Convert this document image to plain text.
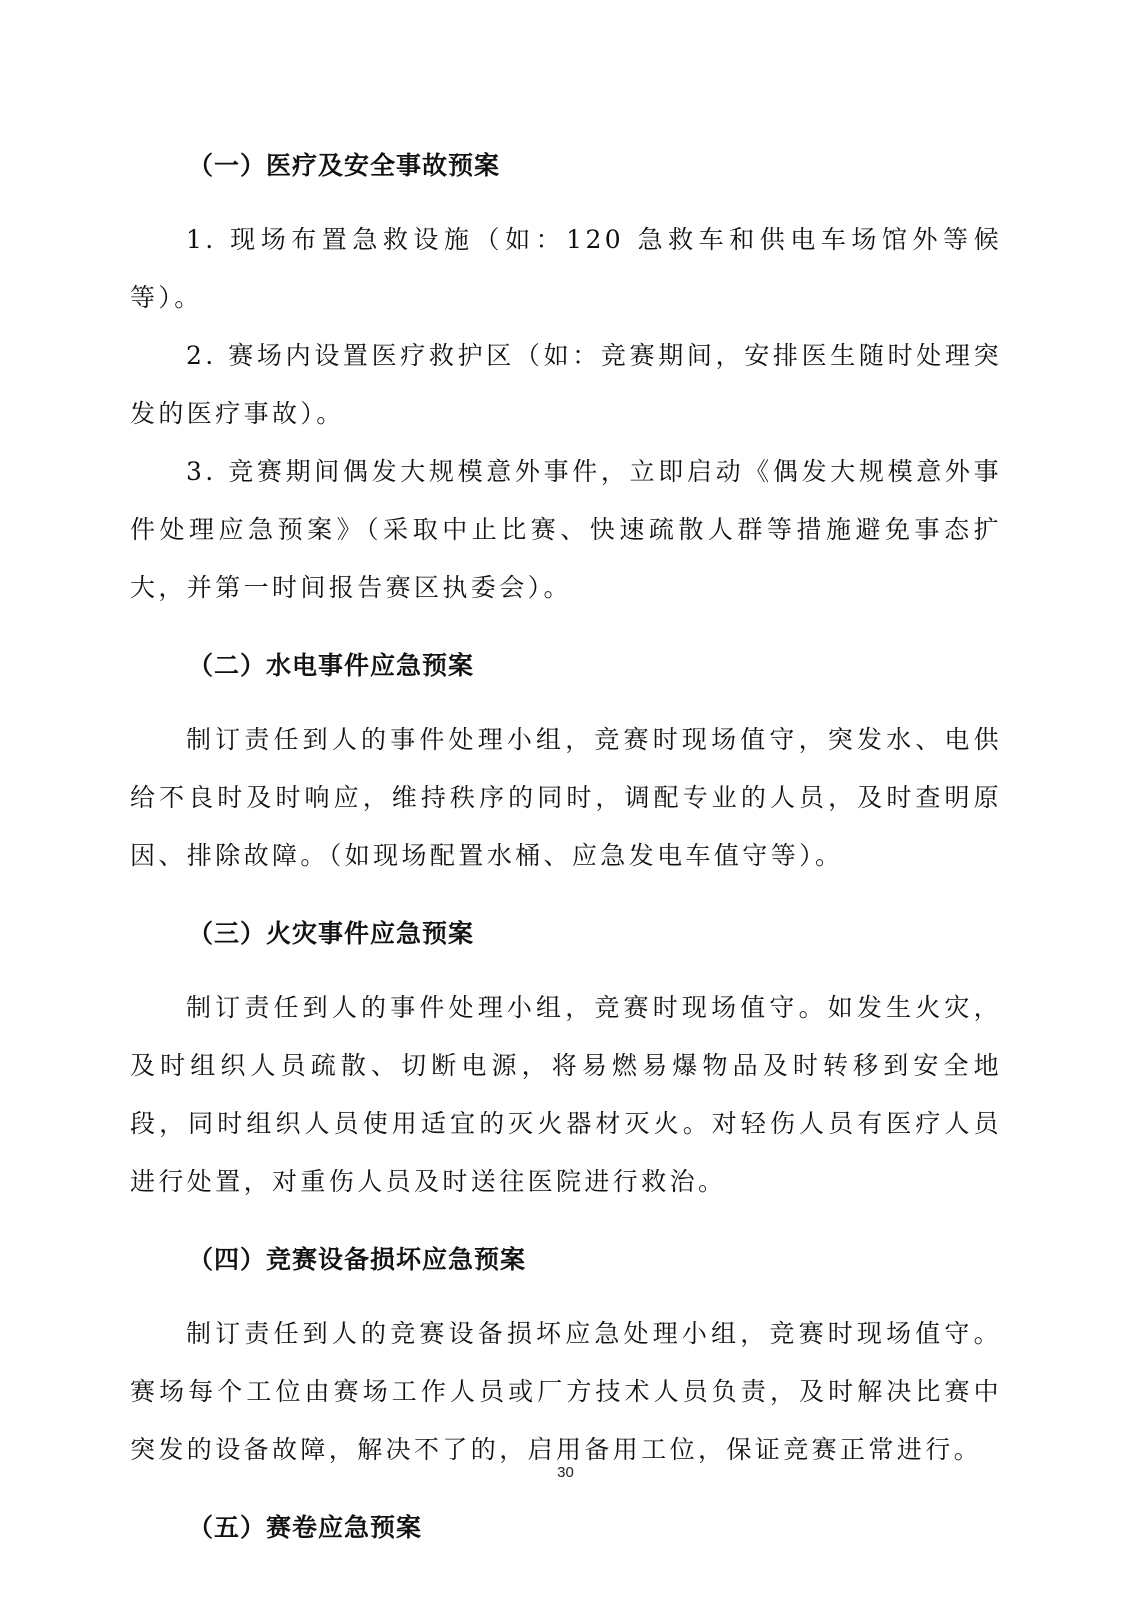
（一）医疗及安全事故预案

1. 现场布置急救设施（如：120 急救车和供电车场馆外等候等）。

2. 赛场内设置医疗救护区（如：竞赛期间，安排医生随时处理突发的医疗事故）。

3. 竞赛期间偶发大规模意外事件，立即启动《偶发大规模意外事件处理应急预案》（采取中止比赛、快速疏散人群等措施避免事态扩大，并第一时间报告赛区执委会）。

（二）水电事件应急预案

制订责任到人的事件处理小组，竞赛时现场值守，突发水、电供给不良时及时响应，维持秩序的同时，调配专业的人员，及时查明原因、排除故障。（如现场配置水桶、应急发电车值守等）。

（三）火灾事件应急预案

制订责任到人的事件处理小组，竞赛时现场值守。如发生火灾，及时组织人员疏散、切断电源，将易燃易爆物品及时转移到安全地段，同时组织人员使用适宜的灭火器材灭火。对轻伤人员有医疗人员进行处置，对重伤人员及时送往医院进行救治。

（四）竞赛设备损坏应急预案

制订责任到人的竞赛设备损坏应急处理小组，竞赛时现场值守。赛场每个工位由赛场工作人员或厂方技术人员负责，及时解决比赛中突发的设备故障，解决不了的，启用备用工位，保证竞赛正常进行。

（五）赛卷应急预案
30
